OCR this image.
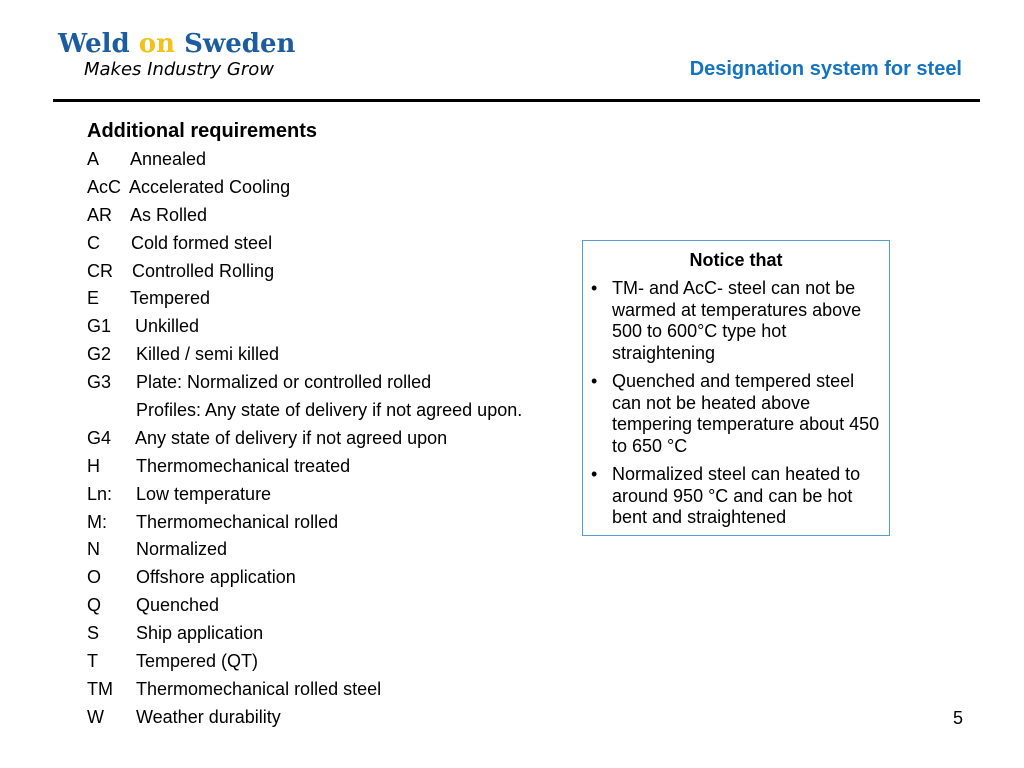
Weld on Sweden
Makes Industry Grow	Designation system for steel
Additional requirements
A Annealed
AcC Accelerated Cooling
AR As Rolled
C Cold formed steel
CR Controlled Rolling
E Tempered
G1 Unkilled
G2 Killed / semi killed
G3 Plate: Normalized or controlled rolled
Profiles: Any state of delivery if not agreed upon.
G4 Any state of delivery if not agreed upon
H Thermomechanical treated
Ln: Low temperature
M: Thermomechanical rolled
N Normalized
O Offshore application
Q Quenched
S Ship application
T Tempered (QT)
TM Thermomechanical rolled steel
W Weather durability
Notice that
• TM- and AcC- steel can not be warmed at temperatures above 500 to 600°C type hot straightening
• Quenched and tempered steel can not be heated above tempering temperature about 450 to 650 °C
• Normalized steel can heated to around 950 °C and can be hot bent and straightened
5
